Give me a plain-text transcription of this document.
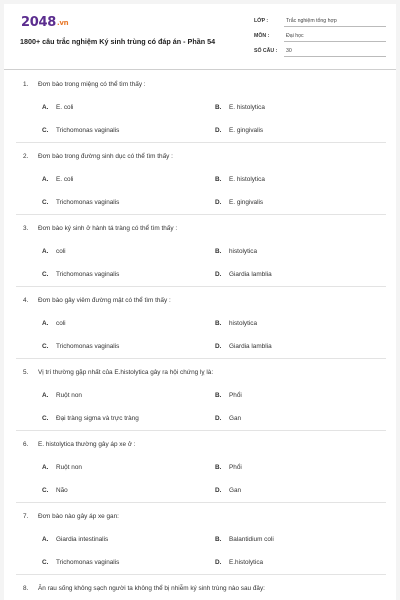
2048.vn
1800+ câu trắc nghiệm Ký sinh trùng có đáp án - Phần 54
LỚP :	Trắc nghiệm tổng hợp
MÔN :	Đại học
SỐ CÂU :	30
1. Đơn bào trong miệng có thể tìm thấy :
A. E. coli	B. E. histolytica
C. Trichomonas vaginalis	D. E. gingivalis
2. Đơn bào trong đường sinh dục có thể tìm thấy :
A. E. coli	B. E. histolytica
C. Trichomonas vaginalis	D. E. gingivalis
3. Đơn bào ký sinh ở hành tá tràng có thể tìm thấy :
A. coli	B. histolytica
C. Trichomonas vaginalis	D. Giardia lamblia
4. Đơn bào gây viêm đường mật có thể tìm thấy :
A. coli	B. histolytica
C. Trichomonas vaginalis	D. Giardia lamblia
5. Vị trí thường gặp nhất của E.histolytica gây ra hội chứng lỵ là:
A. Ruột non	B. Phổi
C. Đại tràng sigma và trực tràng	D. Gan
6. E. histolytica thường gây áp xe ở :
A. Ruột non	B. Phổi
C. Não	D. Gan
7. Đơn bào nào gây áp xe gan:
A. Giardia intestinalis	B. Balantidium coli
C. Trichomonas vaginalis	D. E.histolytica
8. Ăn rau sống không sạch người ta không thể bị nhiễm ký sinh trùng nào sau đây:
